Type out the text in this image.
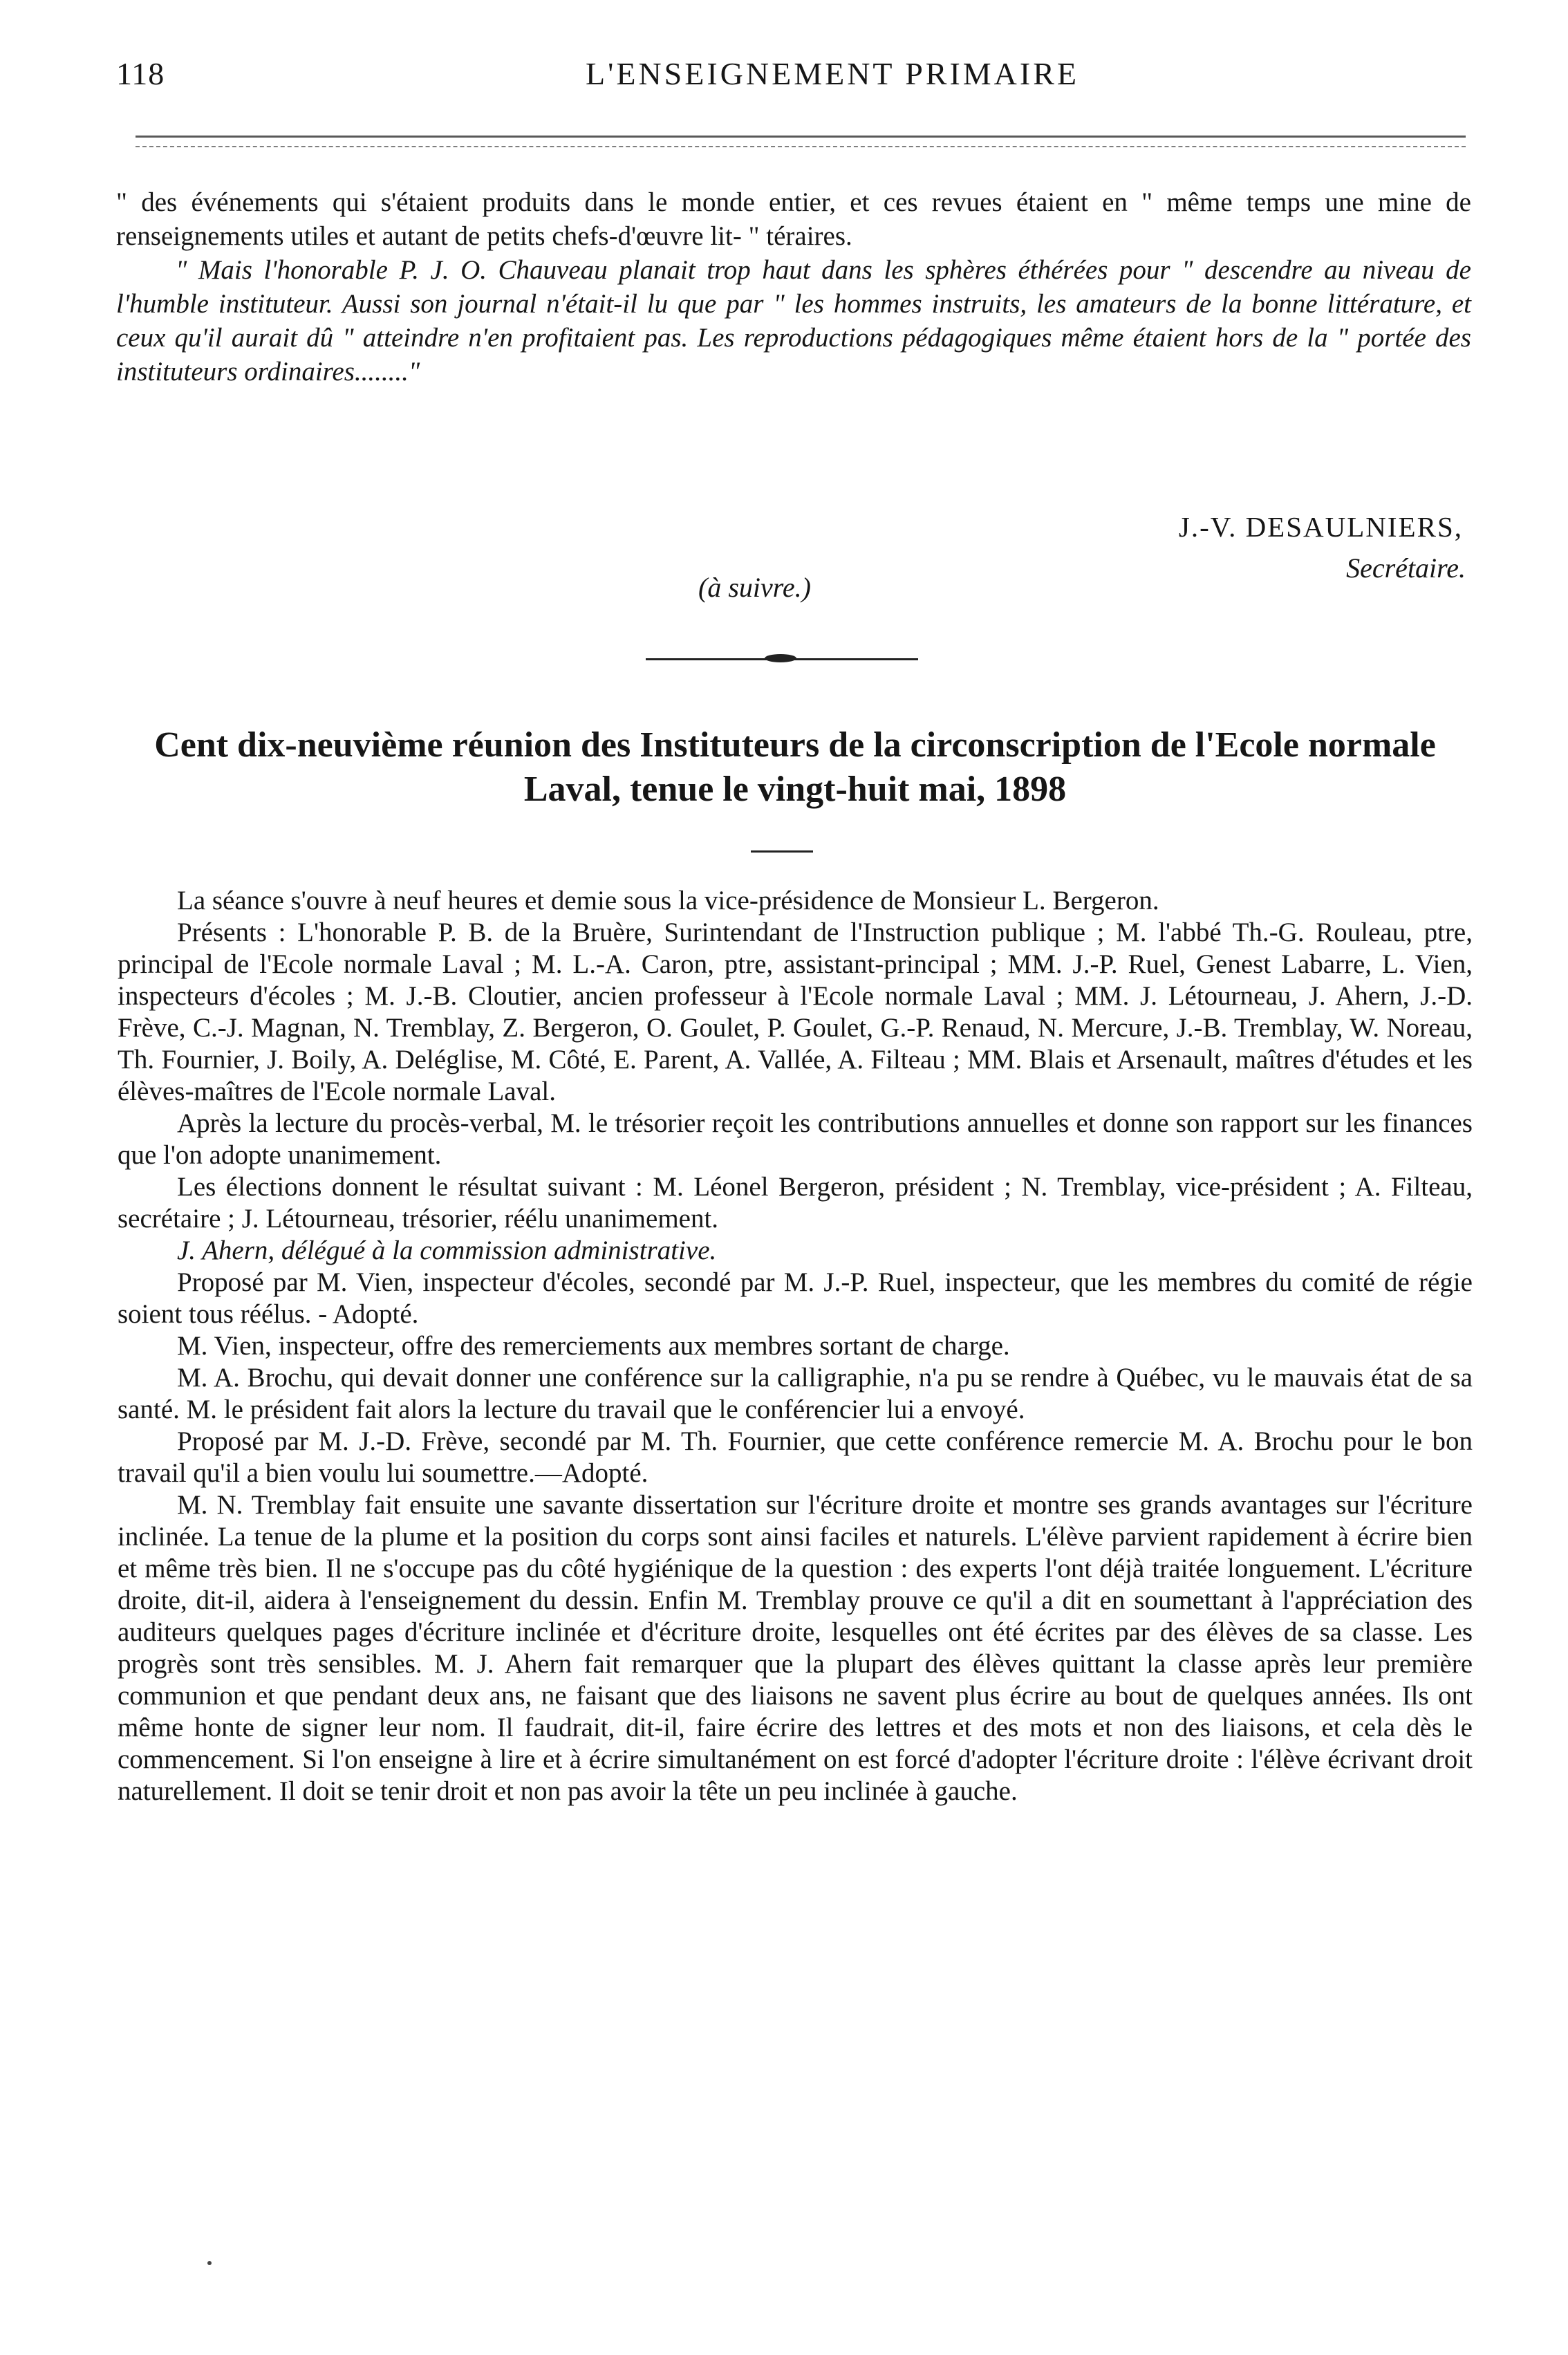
118	L'ENSEIGNEMENT PRIMAIRE

" des événements qui s'étaient produits dans le monde entier, et ces revues étaient en " même temps une mine de renseignements utiles et autant de petits chefs-d'œuvre lit- " téraires.

" Mais l'honorable P. J. O. Chauveau planait trop haut dans les sphères éthérées pour " descendre au niveau de l'humble instituteur. Aussi son journal n'était-il lu que par " les hommes instruits, les amateurs de la bonne littérature, et ceux qu'il aurait dû " atteindre n'en profitaient pas. Les reproductions pédagogiques même étaient hors de la " portée des instituteurs ordinaires........"

J.-V. DESAULNIERS,
Secrétaire.
(à suivre.)
Cent dix-neuvième réunion des Instituteurs de la circonscription de l'Ecole normale Laval, tenue le vingt-huit mai, 1898

La séance s'ouvre à neuf heures et demie sous la vice-présidence de Monsieur L. Bergeron.

Présents : L'honorable P. B. de la Bruère, Surintendant de l'Instruction publique ; M. l'abbé Th.-G. Rouleau, ptre, principal de l'Ecole normale Laval ; M. L.-A. Caron, ptre, assistant-principal ; MM. J.-P. Ruel, Genest Labarre, L. Vien, inspecteurs d'écoles ; M. J.-B. Cloutier, ancien professeur à l'Ecole normale Laval ; MM. J. Létourneau, J. Ahern, J.-D. Frève, C.-J. Magnan, N. Tremblay, Z. Bergeron, O. Goulet, P. Goulet, G.-P. Renaud, N. Mercure, J.-B. Tremblay, W. Noreau, Th. Fournier, J. Boily, A. Deléglise, M. Côté, E. Parent, A. Vallée, A. Filteau ; MM. Blais et Arsenault, maîtres d'études et les élèves-maîtres de l'Ecole normale Laval.

Après la lecture du procès-verbal, M. le trésorier reçoit les contributions annuelles et donne son rapport sur les finances que l'on adopte unanimement.

Les élections donnent le résultat suivant : M. Léonel Bergeron, président ; N. Tremblay, vice-président ; A. Filteau, secrétaire ; J. Létourneau, trésorier, réélu unanimement.

J. Ahern, délégué à la commission administrative.

Proposé par M. Vien, inspecteur d'écoles, secondé par M. J.-P. Ruel, inspecteur, que les membres du comité de régie soient tous réélus. - Adopté.

M. Vien, inspecteur, offre des remerciements aux membres sortant de charge.

M. A. Brochu, qui devait donner une conférence sur la calligraphie, n'a pu se rendre à Québec, vu le mauvais état de sa santé. M. le président fait alors la lecture du travail que le conférencier lui a envoyé.

Proposé par M. J.-D. Frève, secondé par M. Th. Fournier, que cette conférence remercie M. A. Brochu pour le bon travail qu'il a bien voulu lui soumettre.—Adopté.

M. N. Tremblay fait ensuite une savante dissertation sur l'écriture droite et montre ses grands avantages sur l'écriture inclinée. La tenue de la plume et la position du corps sont ainsi faciles et naturels. L'élève parvient rapidement à écrire bien et même très bien. Il ne s'occupe pas du côté hygiénique de la question : des experts l'ont déjà traitée longuement. L'écriture droite, dit-il, aidera à l'enseignement du dessin. Enfin M. Tremblay prouve ce qu'il a dit en soumettant à l'appréciation des auditeurs quelques pages d'écriture inclinée et d'écriture droite, lesquelles ont été écrites par des élèves de sa classe. Les progrès sont très sensibles. M. J. Ahern fait remarquer que la plupart des élèves quittant la classe après leur première communion et que pendant deux ans, ne faisant que des liaisons ne savent plus écrire au bout de quelques années. Ils ont même honte de signer leur nom. Il faudrait, dit-il, faire écrire des lettres et des mots et non des liaisons, et cela dès le commencement. Si l'on enseigne à lire et à écrire simultanément on est forcé d'adopter l'écriture droite : l'élève écrivant droit naturellement. Il doit se tenir droit et non pas avoir la tête un peu inclinée à gauche.
